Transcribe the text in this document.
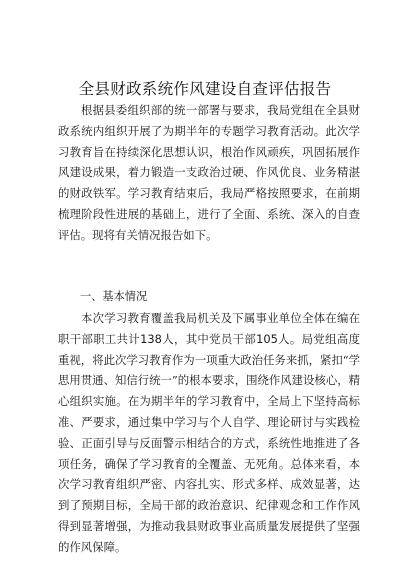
全县财政系统作风建设自查评估报告
根据县委组织部的统一部署与要求，我局党组在全县财政系统内组织开展了为期半年的专题学习教育活动。此次学习教育旨在持续深化思想认识，根治作风顽疾，巩固拓展作风建设成果，着力锻造一支政治过硬、作风优良、业务精湛的财政铁军。学习教育结束后，我局严格按照要求，在前期梳理阶段性进展的基础上，进行了全面、系统、深入的自查评估。现将有关情况报告如下。
一、基本情况
本次学习教育覆盖我局机关及下属事业单位全体在编在职干部职工共计138人，其中党员干部105人。局党组高度重视，将此次学习教育作为一项重大政治任务来抓，紧扣“学思用贯通、知信行统一”的根本要求，围绕作风建设核心，精心组织实施。在为期半年的学习教育中，全局上下坚持高标准、严要求，通过集中学习与个人自学、理论研讨与实践检验、正面引导与反面警示相结合的方式，系统性地推进了各项任务，确保了学习教育的全覆盖、无死角。总体来看，本次学习教育组织严密、内容扎实、形式多样、成效显著，达到了预期目标，全局干部的政治意识、纪律观念和工作作风得到显著增强，为推动我县财政事业高质量发展提供了坚强的作风保障。
